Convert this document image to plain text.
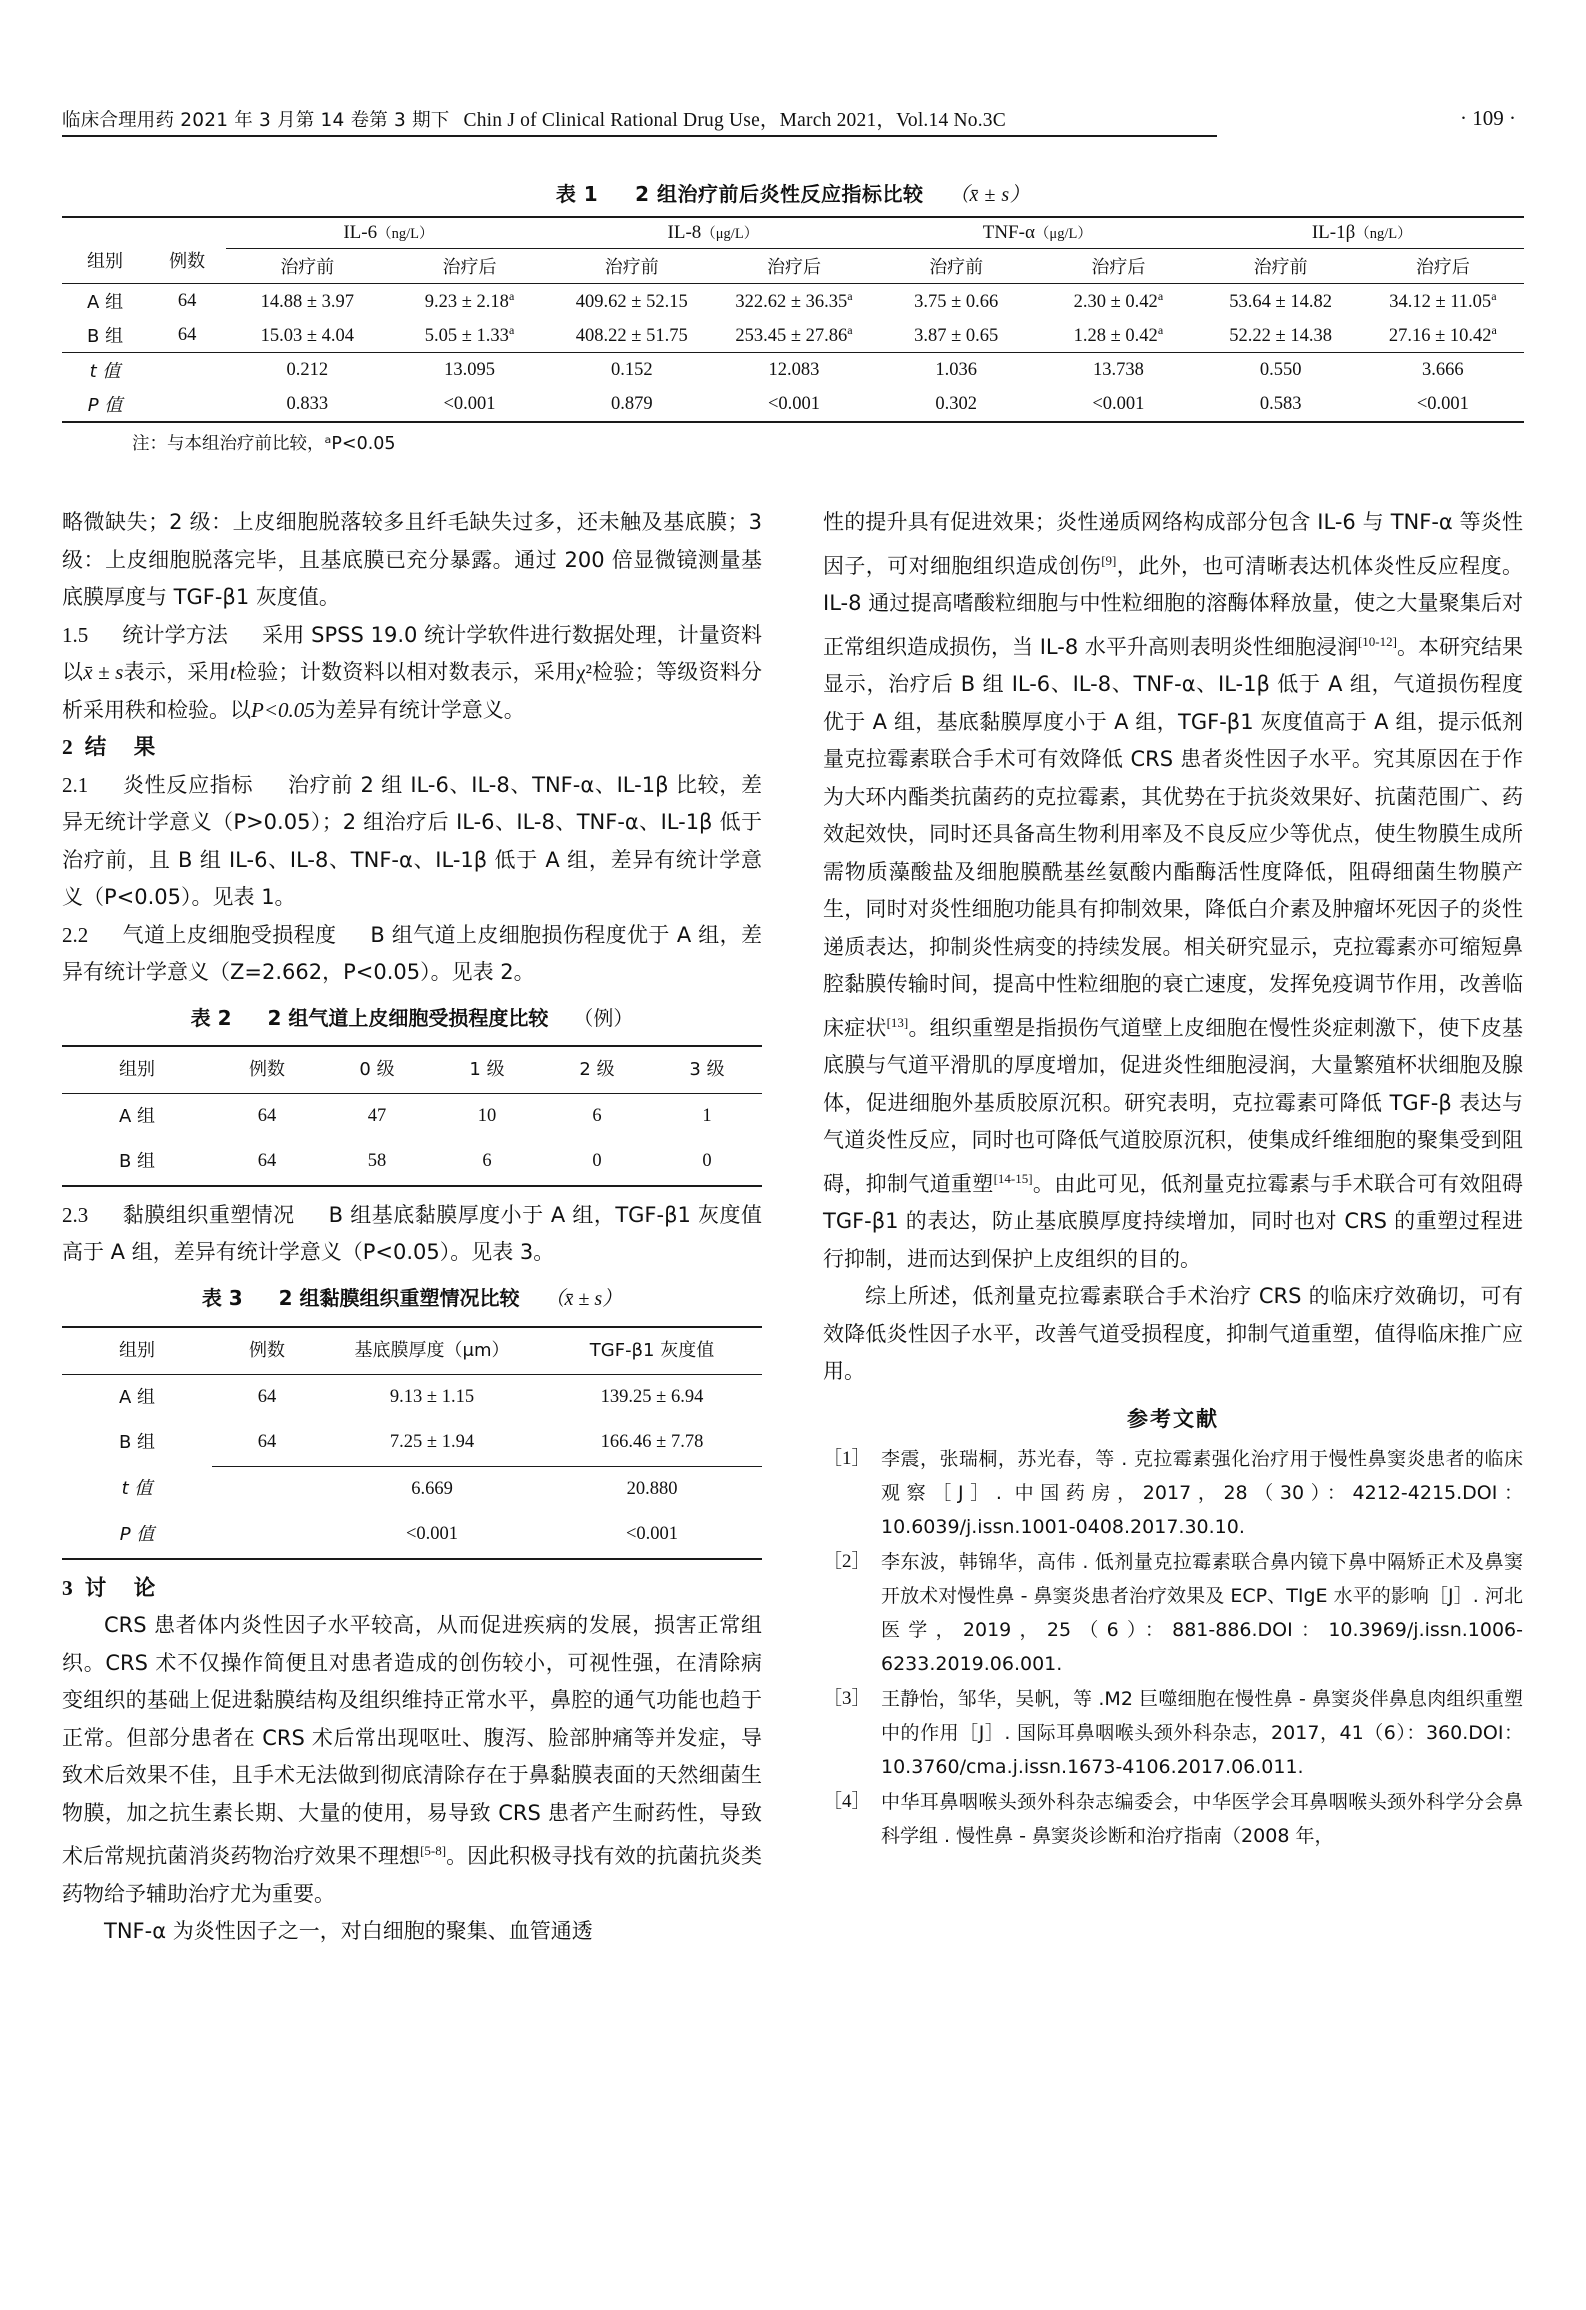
临床合理用药 2021 年 3 月第 14 卷第 3 期下 Chin J of Clinical Rational Drug Use，March 2021，Vol.14 No.3C	· 109 ·
表 1 2 组治疗前后炎性反应指标比较 （x̄ ± s）
组别	例数	IL-6（ng/L）		IL-8（μg/L）		TNF-α（μg/L）		IL-1β（ng/L）	
		治疗前	治疗后	治疗前	治疗后	治疗前	治疗后	治疗前	治疗后
A 组	64	14.88 ± 3.97	9.23 ± 2.18$^a$	409.62 ± 52.15	322.62 ± 36.35$^a$	3.75 ± 0.66	2.30 ± 0.42$^a$	53.64 ± 14.82	34.12 ± 11.05$^a$
B 组	64	15.03 ± 4.04	5.05 ± 1.33$^a$	408.22 ± 51.75	253.45 ± 27.86$^a$	3.87 ± 0.65	1.28 ± 0.42$^a$	52.22 ± 14.38	27.16 ± 10.42$^a$
t 值		0.212	13.095	0.152	12.083	1.036	13.738	0.550	3.666
P 值		0.833	<0.001	0.879	<0.001	0.302	<0.001	0.583	<0.001
注：与本组治疗前比较，ᵃP<0.05

略微缺失；2 级：上皮细胞脱落较多且纤毛缺失过多，还未触及基底膜；3 级：上皮细胞脱落完毕，且基底膜已充分暴露。通过 200 倍显微镜测量基底膜厚度与 TGF-β1 灰度值。

1.5 统计学方法 采用 SPSS 19.0 统计学软件进行数据处理，计量资料以x̄ ± s表示，采用t检验；计数资料以相对数表示，采用χ²检验；等级资料分析采用秩和检验。以P<0.05为差异有统计学意义。

2 结　果

2.1 炎性反应指标 治疗前 2 组 IL-6、IL-8、TNF-α、IL-1β 比较，差异无统计学意义（P>0.05）；2 组治疗后 IL-6、IL-8、TNF-α、IL-1β 低于治疗前，且 B 组 IL-6、IL-8、TNF-α、IL-1β 低于 A 组，差异有统计学意义（P<0.05）。见表 1。

2.2 气道上皮细胞受损程度 B 组气道上皮细胞损伤程度优于 A 组，差异有统计学意义（Z=2.662，P<0.05）。见表 2。

表 2 2 组气道上皮细胞受损程度比较 （例）
组别	例数	0 级	1 级	2 级	3 级
A 组	64	47	10	6	1
B 组	64	58	6	0	0

2.3 黏膜组织重塑情况 B 组基底黏膜厚度小于 A 组，TGF-β1 灰度值高于 A 组，差异有统计学意义（P<0.05）。见表 3。

表 3 2 组黏膜组织重塑情况比较 （x̄ ± s）
组别	例数	基底膜厚度（μm）	TGF-β1 灰度值
A 组	64	9.13 ± 1.15	139.25 ± 6.94
B 组	64	7.25 ± 1.94	166.46 ± 7.78
t 值		6.669	20.880
P 值		<0.001	<0.001

3 讨　论

CRS 患者体内炎性因子水平较高，从而促进疾病的发展，损害正常组织。CRS 术不仅操作简便且对患者造成的创伤较小，可视性强，在清除病变组织的基础上促进黏膜结构及组织维持正常水平，鼻腔的通气功能也趋于正常。但部分患者在 CRS 术后常出现呕吐、腹泻、脸部肿痛等并发症，导致术后效果不佳，且手术无法做到彻底清除存在于鼻黏膜表面的天然细菌生物膜，加之抗生素长期、大量的使用，易导致 CRS 患者产生耐药性，导致术后常规抗菌消炎药物治疗效果不理想[5-8]。因此积极寻找有效的抗菌抗炎类药物给予辅助治疗尤为重要。

TNF-α 为炎性因子之一，对白细胞的聚集、血管通透

性的提升具有促进效果；炎性递质网络构成部分包含 IL-6 与 TNF-α 等炎性因子，可对细胞组织造成创伤[9]，此外，也可清晰表达机体炎性反应程度。IL-8 通过提高嗜酸粒细胞与中性粒细胞的溶酶体释放量，使之大量聚集后对正常组织造成损伤，当 IL-8 水平升高则表明炎性细胞浸润[10-12]。本研究结果显示，治疗后 B 组 IL-6、IL-8、TNF-α、IL-1β 低于 A 组，气道损伤程度优于 A 组，基底黏膜厚度小于 A 组，TGF-β1 灰度值高于 A 组，提示低剂量克拉霉素联合手术可有效降低 CRS 患者炎性因子水平。究其原因在于作为大环内酯类抗菌药的克拉霉素，其优势在于抗炎效果好、抗菌范围广、药效起效快，同时还具备高生物利用率及不良反应少等优点，使生物膜生成所需物质藻酸盐及细胞膜酰基丝氨酸内酯酶活性度降低，阻碍细菌生物膜产生，同时对炎性细胞功能具有抑制效果，降低白介素及肿瘤坏死因子的炎性递质表达，抑制炎性病变的持续发展。相关研究显示，克拉霉素亦可缩短鼻腔黏膜传输时间，提高中性粒细胞的衰亡速度，发挥免疫调节作用，改善临床症状[13]。组织重塑是指损伤气道壁上皮细胞在慢性炎症刺激下，使下皮基底膜与气道平滑肌的厚度增加，促进炎性细胞浸润，大量繁殖杯状细胞及腺体，促进细胞外基质胶原沉积。研究表明，克拉霉素可降低 TGF-β 表达与气道炎性反应，同时也可降低气道胶原沉积，使集成纤维细胞的聚集受到阻碍，抑制气道重塑[14-15]。由此可见，低剂量克拉霉素与手术联合可有效阻碍 TGF-β1 的表达，防止基底膜厚度持续增加，同时也对 CRS 的重塑过程进行抑制，进而达到保护上皮组织的目的。

综上所述，低剂量克拉霉素联合手术治疗 CRS 的临床疗效确切，可有效降低炎性因子水平，改善气道受损程度，抑制气道重塑，值得临床推广应用。

参考文献
［1］ 李震，张瑞桐，苏光春，等 . 克拉霉素强化治疗用于慢性鼻窦炎患者的临床观察［J］. 中国药房，2017，28（30）：4212-4215.DOI：10.6039/j.issn.1001-0408.2017.30.10.
［2］ 李东波，韩锦华，高伟 . 低剂量克拉霉素联合鼻内镜下鼻中隔矫正术及鼻窦开放术对慢性鼻 - 鼻窦炎患者治疗效果及 ECP、TIgE 水平的影响［J］. 河北医学，2019，25（6）：881-886.DOI：10.3969/j.issn.1006-6233.2019.06.001.
［3］ 王静怡，邹华，吴帆，等 .M2 巨噬细胞在慢性鼻 - 鼻窦炎伴鼻息肉组织重塑中的作用［J］. 国际耳鼻咽喉头颈外科杂志，2017，41（6）：360.DOI：10.3760/cma.j.issn.1673-4106.2017.06.011.
［4］ 中华耳鼻咽喉头颈外科杂志编委会，中华医学会耳鼻咽喉头颈外科学分会鼻科学组 . 慢性鼻 - 鼻窦炎诊断和治疗指南（2008 年，
